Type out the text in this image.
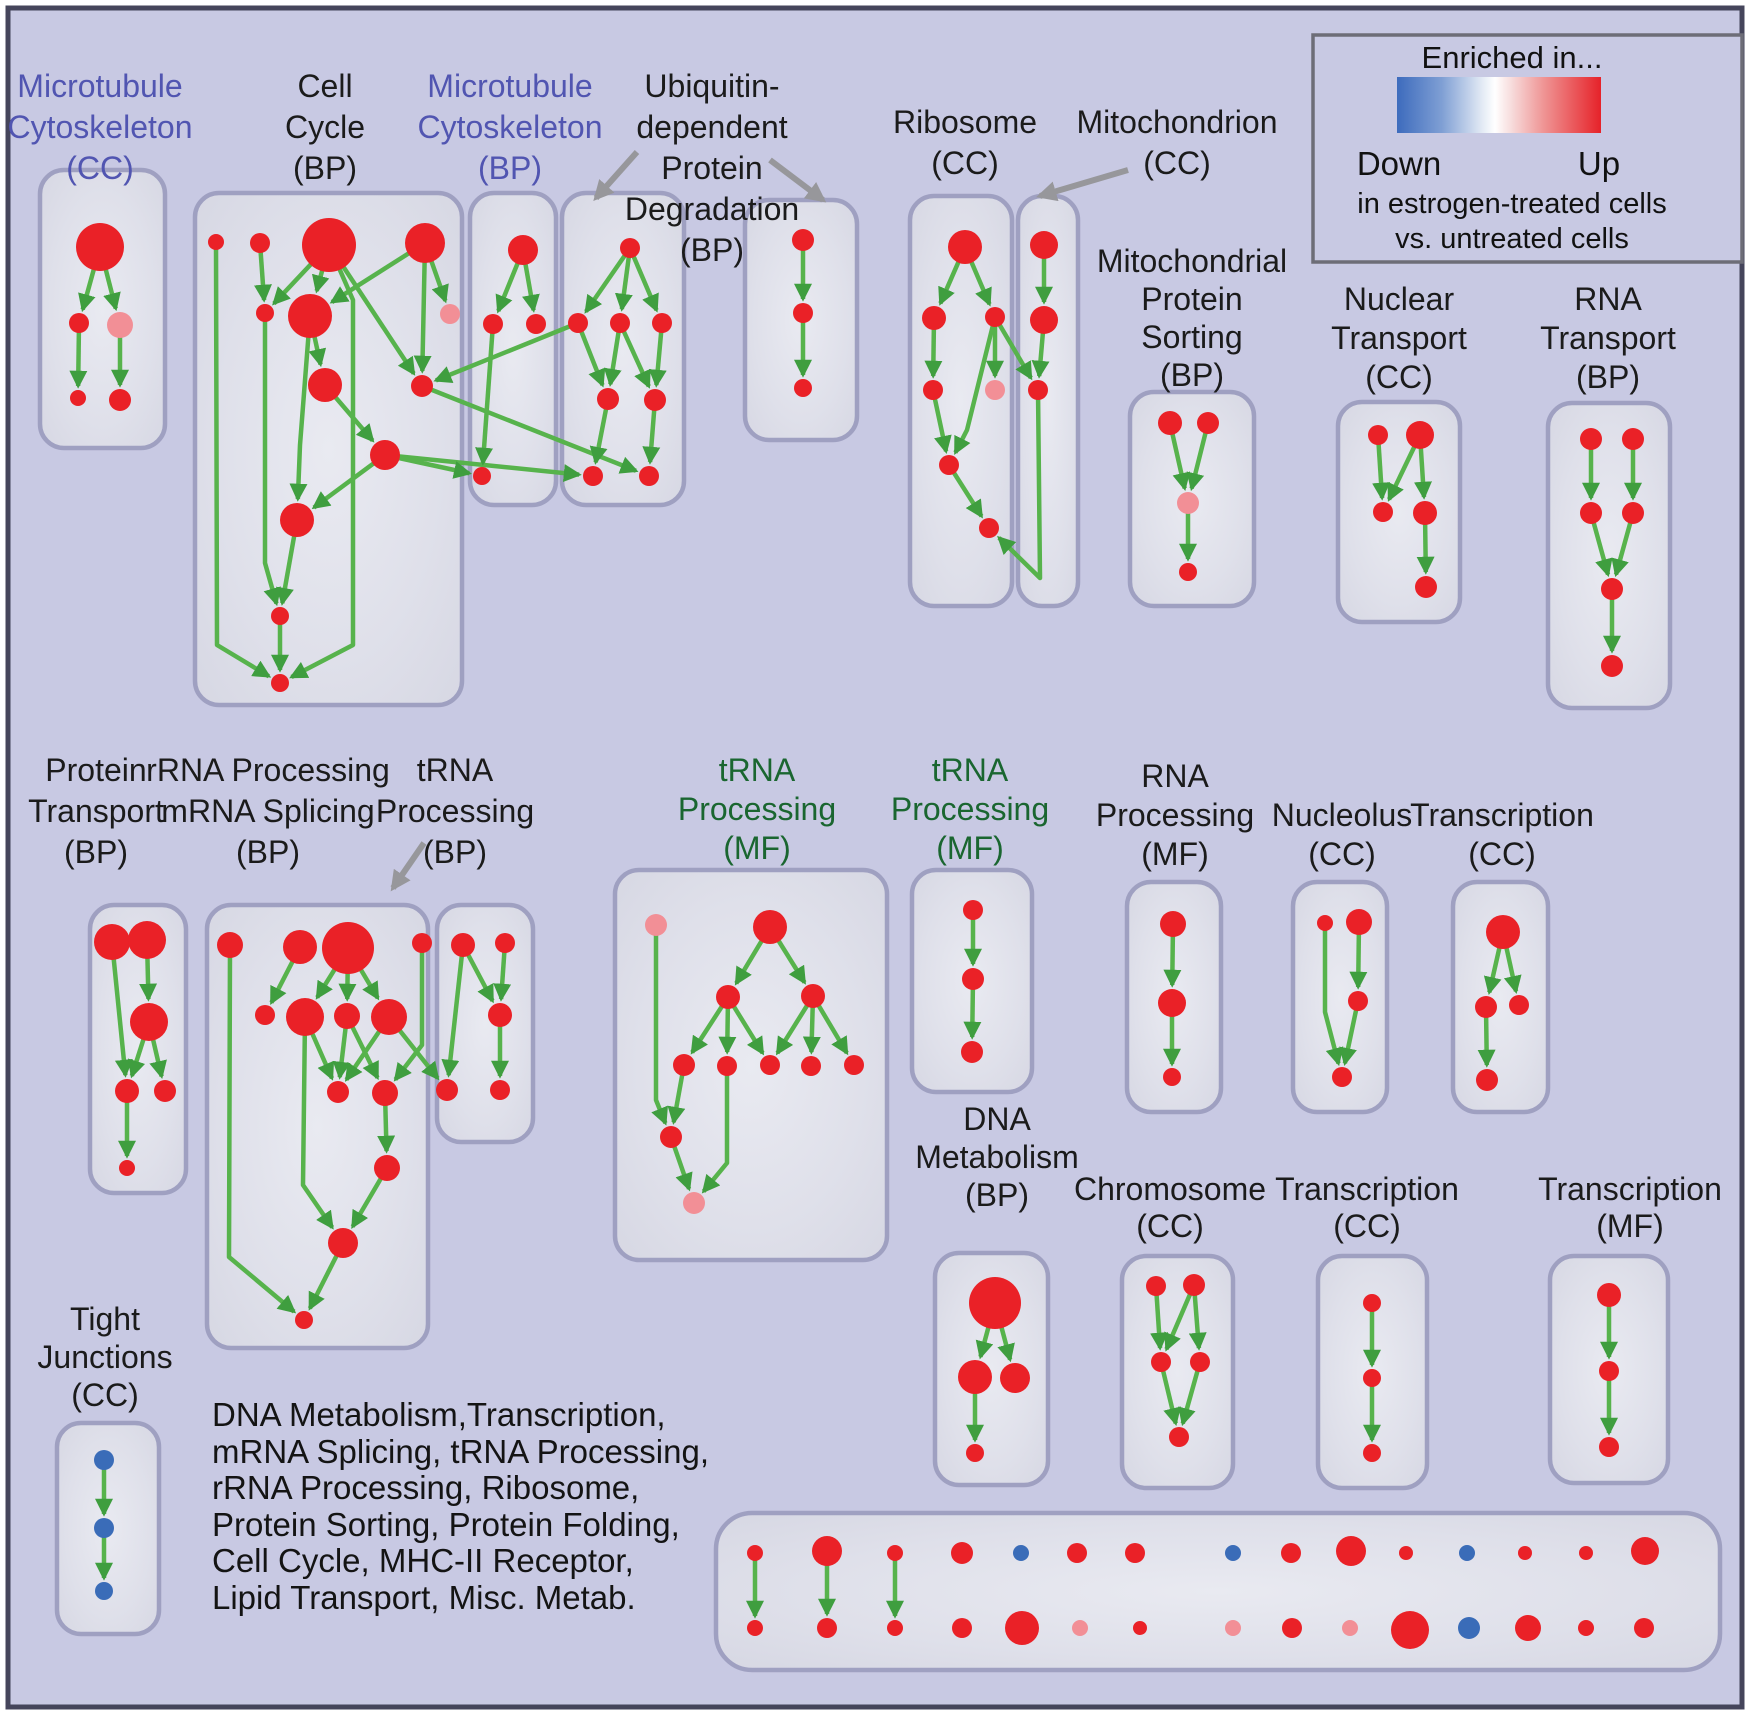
Microtubule Cytoskeleton (CC)
Cell Cycle (BP)
Microtubule Cytoskeleton (BP)
Ubiquitin-dependent Protein Degradation (BP)
Ribosome (CC)
Mitochondrion (CC)
Mitochondrial Protein Sorting (BP)
Nuclear Transport (CC)
RNA Transport (BP)
Protein Transport (BP)
rRNA Processing mRNA Splicing (BP)
tRNA Processing (BP)
tRNA Processing (MF)
tRNA Processing (MF)
RNA Processing (MF)
Nucleolus (CC)
Transcription (CC)
DNA Metabolism (BP)	Chromosome (CC)
Transcription (CC)
Transcription (MF)
Tight Junctions (CC)
Enriched in...
Down	Up
in estrogen-treated cells
vs. untreated cells
DNA Metabolism,Transcription,
mRNA Splicing, tRNA Processing,
rRNA Processing, Ribosome,
Protein Sorting, Protein Folding,
Cell Cycle, MHC-II Receptor,
Lipid Transport, Misc. Metab.
